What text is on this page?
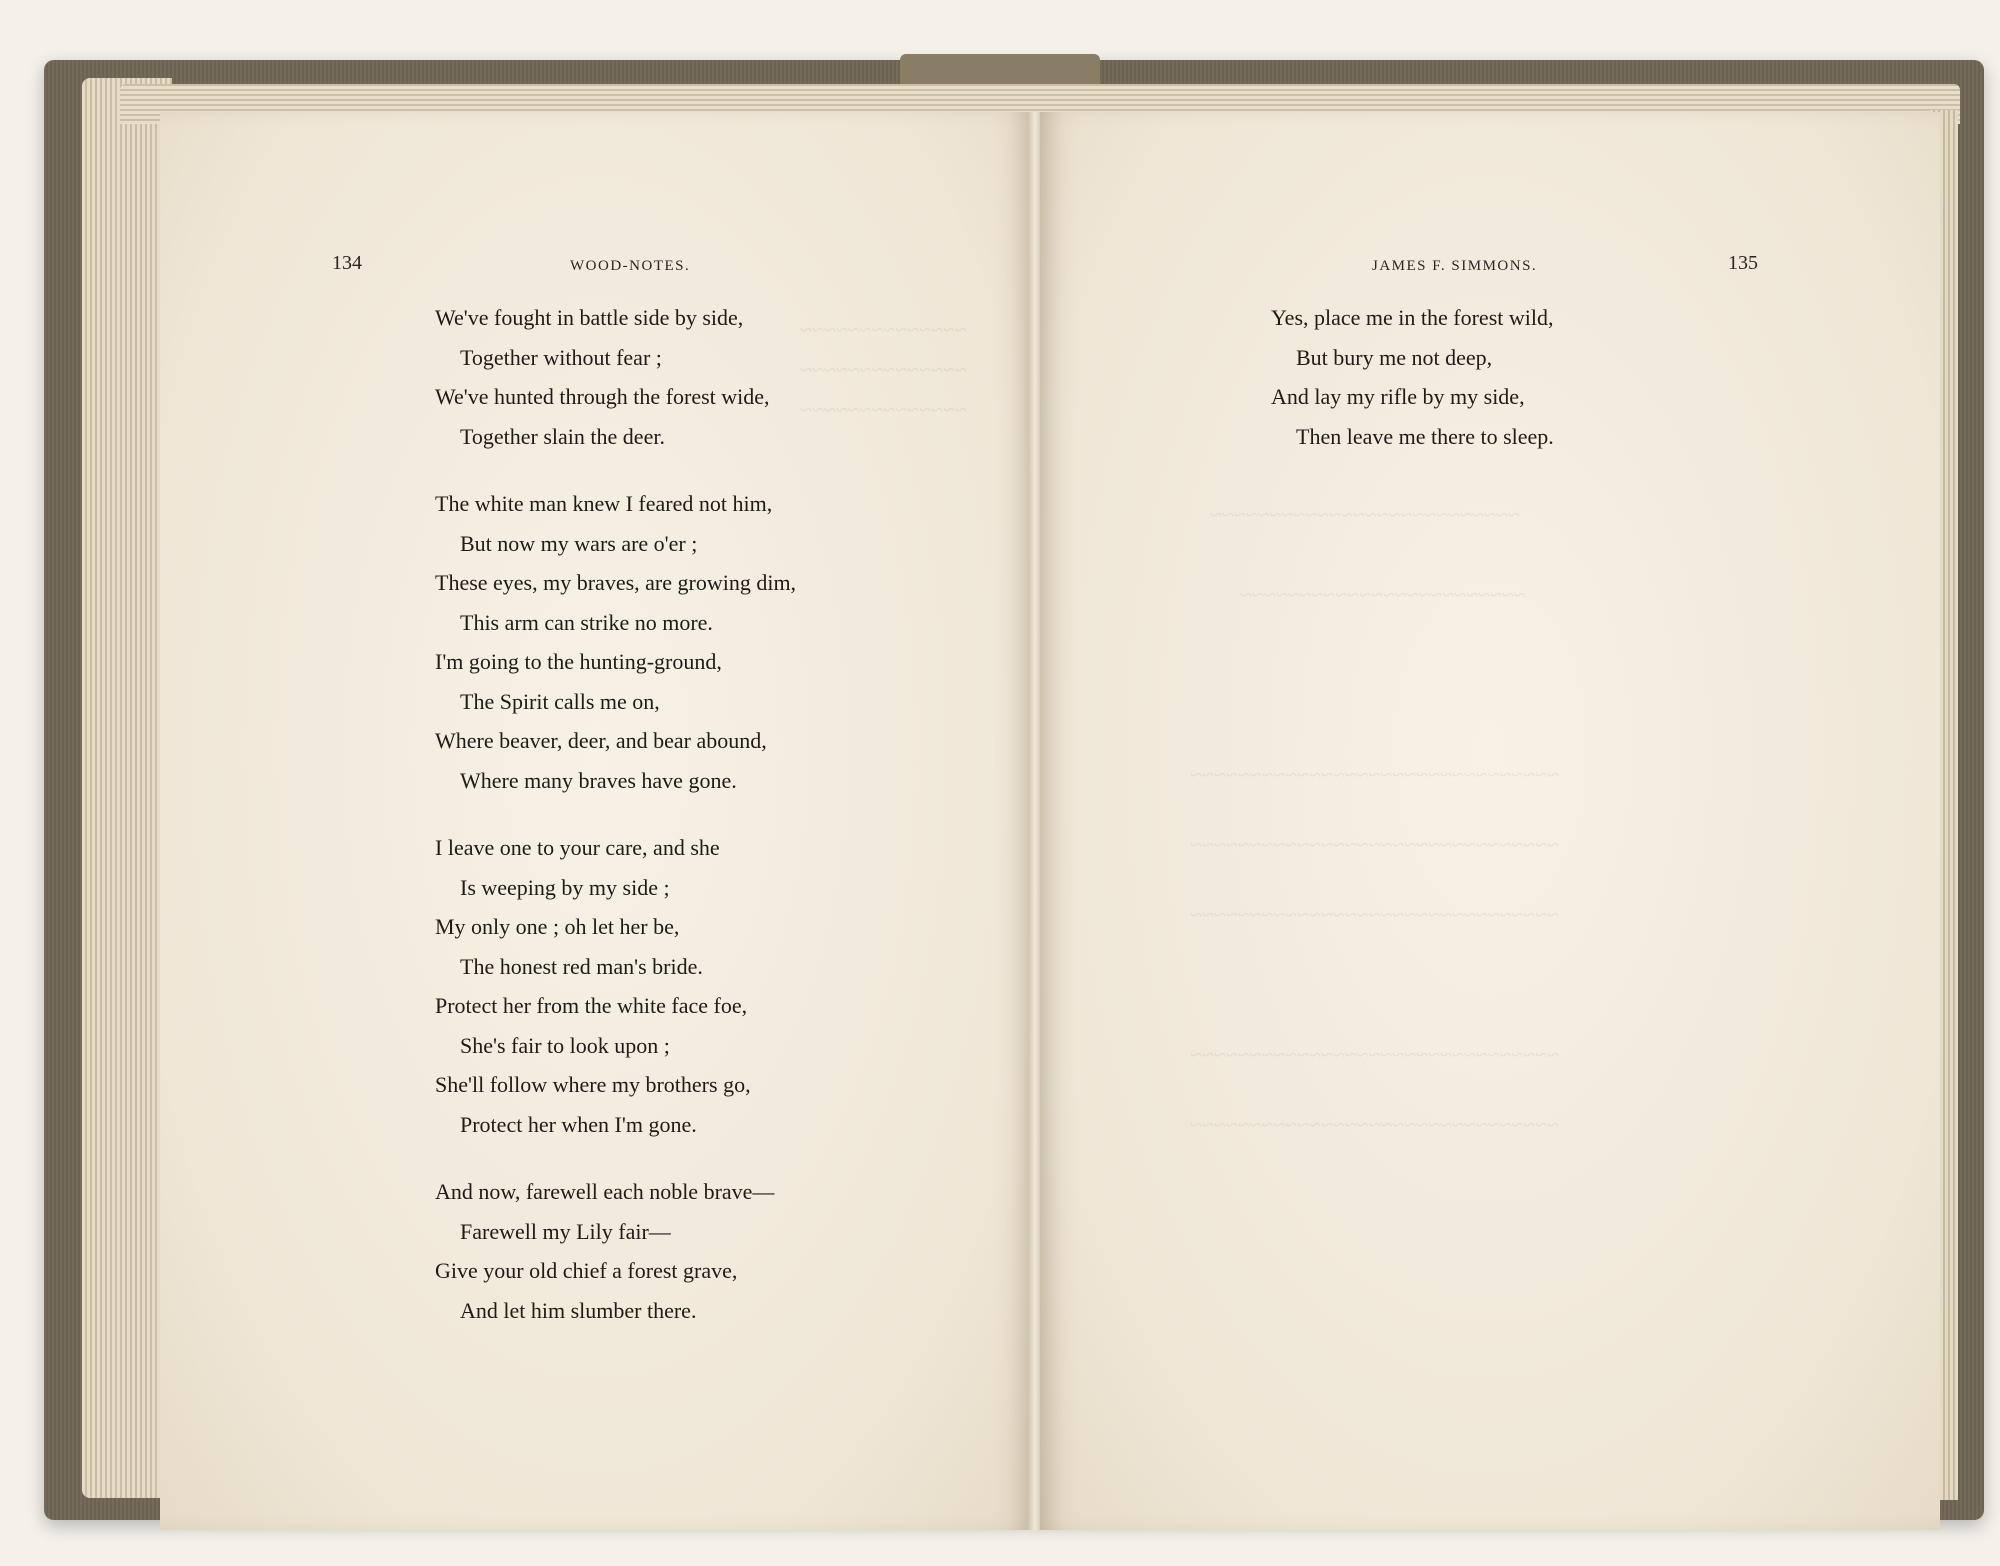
134	WOOD-NOTES.
We've fought in battle side by side,
Together without fear ;
We've hunted through the forest wide,
Together slain the deer.
The white man knew I feared not him,
But now my wars are o'er ;
These eyes, my braves, are growing dim,
This arm can strike no more.
I'm going to the hunting-ground,
The Spirit calls me on,
Where beaver, deer, and bear abound,
Where many braves have gone.
I leave one to your care, and she
Is weeping by my side ;
My only one ; oh let her be,
The honest red man's bride.
Protect her from the white face foe,
She's fair to look upon ;
She'll follow where my brothers go,
Protect her when I'm gone.
And now, farewell each noble brave—
Farewell my Lily fair—
Give your old chief a forest grave,
And let him slumber there.
~~~~~~~~~~~~~~
~~~~~~~~~~~~~~
~~~~~~~~~~~~~~
JAMES F. SIMMONS.	135
Yes, place me in the forest wild,
But bury me not deep,
And lay my rifle by my side,
Then leave me there to sleep.
~~~~~~~~~~~~~~~~~~~~~~~~~~
~~~~~~~~~~~~~~~~~~~~~~~~
~~~~~~~~~~~~~~~~~~~~~~~~~~~~~~~
~~~~~~~~~~~~~~~~~~~~~~~~~~~~~~~
~~~~~~~~~~~~~~~~~~~~~~~~~~~~~~~
~~~~~~~~~~~~~~~~~~~~~~~~~~~~~~~
~~~~~~~~~~~~~~~~~~~~~~~~~~~~~~~
